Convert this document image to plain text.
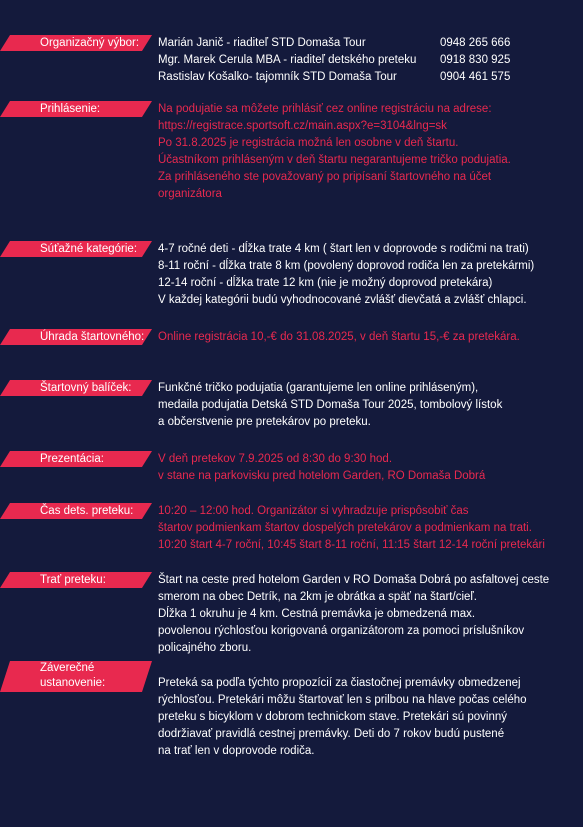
Organizačný výbor: Marián Janič - riaditeľ STD Domaša Tour	0948 265 666
Mgr. Marek Cerula MBA - riaditeľ detského preteku 0918 830 925
Rastislav Košalko- tajomník STD Domaša Tour	0904 461 575
Prihlásenie:	Na podujatie sa môžete prihlásiť cez online registráciu na adrese:
https://registrace.sportsoft.cz/main.aspx?e=3104&lng=sk
Po 31.8.2025 je registrácia možná len osobne v deň štartu.
Účastníkom prihláseným v deň štartu negarantujeme tričko podujatia.
Za prihláseného ste považovaný po pripísaní štartovného na účet
organizátora
Súťažné kategórie: 4-7 ročné deti - dĺžka trate 4 km ( štart len v doprovode s rodičmi na trati)
8-11 roční - dĺžka trate 8 km (povolený doprovod rodiča len za pretekármi)
12-14 roční - dĺžka trate 12 km (nie je možný doprovod pretekára)
V každej kategórii budú vyhodnocované zvlášť dievčatá a zvlášť chlapci.
Úhrada štartovného: Online registrácia 10,-€ do 31.08.2025, v deň štartu 15,-€ za pretekára.
Štartovný balíček: Funkčné tričko podujatia (garantujeme len online prihláseným),
medaila podujatia Detská STD Domaša Tour 2025, tombolový lístok
a občerstvenie pre pretekárov po preteku.
Prezentácia:	V deň pretekov 7.9.2025 od 8:30 do 9:30 hod.
v stane na parkovisku pred hotelom Garden, RO Domaša Dobrá
Čas dets. preteku: 10:20 – 12:00 hod. Organizátor si vyhradzuje prispôsobiť čas
štartov podmienkam štartov dospelých pretekárov a podmienkam na trati.
10:20 štart 4-7 roční, 10:45 štart 8-11 roční, 11:15 štart 12-14 roční pretekári
Trať preteku:	Štart na ceste pred hotelom Garden v RO Domaša Dobrá po asfaltovej ceste
smerom na obec Detrík, na 2km je obrátka a späť na štart/cieľ.
Dĺžka 1 okruhu je 4 km. Cestná premávka je obmedzená max.
povolenou rýchlosťou korigovaná organizátorom za pomoci príslušníkov
policajného zboru.
Záverečné
ustanovenie:	Preteká sa podľa týchto propozícií za čiastočnej premávky obmedzenej
rýchlosťou. Pretekári môžu štartovať len s prilbou na hlave počas celého
preteku s bicyklom v dobrom technickom stave. Pretekári sú povinný
dodržiavať pravidlá cestnej premávky. Deti do 7 rokov budú pustené
na trať len v doprovode rodiča.
